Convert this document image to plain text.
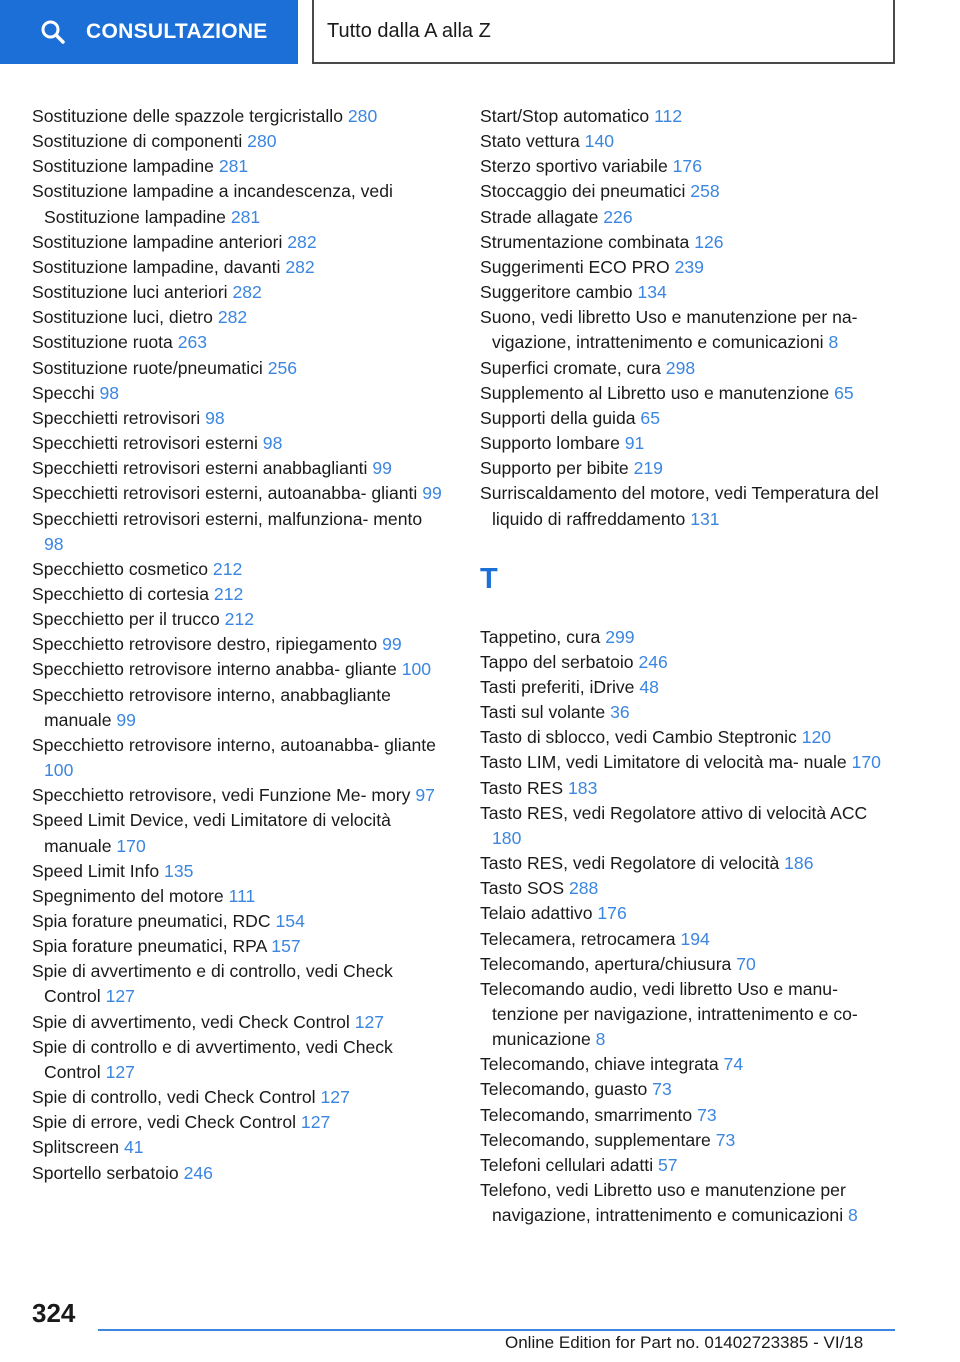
CONSULTAZIONE	Tutto dalla A alla Z
Sostituzione delle spazzole tergicristallo 280
Sostituzione di componenti 280
Sostituzione lampadine 281
Sostituzione lampadine a incandescenza, vedi Sostituzione lampadine 281
Sostituzione lampadine anteriori 282
Sostituzione lampadine, davanti 282
Sostituzione luci anteriori 282
Sostituzione luci, dietro 282
Sostituzione ruota 263
Sostituzione ruote/pneumatici 256
Specchi 98
Specchietti retrovisori 98
Specchietti retrovisori esterni 98
Specchietti retrovisori esterni anabbaglianti 99
Specchietti retrovisori esterni, autoanabba‐ glianti 99
Specchietti retrovisori esterni, malfunziona‐ mento 98
Specchietto cosmetico 212
Specchietto di cortesia 212
Specchietto per il trucco 212
Specchietto retrovisore destro, ripiegamento 99
Specchietto retrovisore interno anabba‐ gliante 100
Specchietto retrovisore interno, anabbagliante manuale 99
Specchietto retrovisore interno, autoanabba‐ gliante 100
Specchietto retrovisore, vedi Funzione Me‐ mory 97
Speed Limit Device, vedi Limitatore di velocità manuale 170
Speed Limit Info 135
Spegnimento del motore 111
Spia forature pneumatici, RDC 154
Spia forature pneumatici, RPA 157
Spie di avvertimento e di controllo, vedi Check Control 127
Spie di avvertimento, vedi Check Control 127
Spie di controllo e di avvertimento, vedi Check Control 127
Spie di controllo, vedi Check Control 127
Spie di errore, vedi Check Control 127
Splitscreen 41
Sportello serbatoio 246
Start/Stop automatico 112
Stato vettura 140
Sterzo sportivo variabile 176
Stoccaggio dei pneumatici 258
Strade allagate 226
Strumentazione combinata 126
Suggerimenti ECO PRO 239
Suggeritore cambio 134
Suono, vedi libretto Uso e manutenzione per na‐ vigazione, intrattenimento e comunicazioni 8
Superfici cromate, cura 298
Supplemento al Libretto uso e manutenzione 65
Supporti della guida 65
Supporto lombare 91
Supporto per bibite 219
Surriscaldamento del motore, vedi Temperatura del liquido di raffreddamento 131
T
Tappetino, cura 299
Tappo del serbatoio 246
Tasti preferiti, iDrive 48
Tasti sul volante 36
Tasto di sblocco, vedi Cambio Steptronic 120
Tasto LIM, vedi Limitatore di velocità ma‐ nuale 170
Tasto RES 183
Tasto RES, vedi Regolatore attivo di velocità ACC 180
Tasto RES, vedi Regolatore di velocità 186
Tasto SOS 288
Telaio adattivo 176
Telecamera, retrocamera 194
Telecomando, apertura/chiusura 70
Telecomando audio, vedi libretto Uso e manu‐ tenzione per navigazione, intrattenimento e co‐ municazione 8
Telecomando, chiave integrata 74
Telecomando, guasto 73
Telecomando, smarrimento 73
Telecomando, supplementare 73
Telefoni cellulari adatti 57
Telefono, vedi Libretto uso e manutenzione per navigazione, intrattenimento e comunicazioni 8
324
Online Edition for Part no. 01402723385 - VI/18
